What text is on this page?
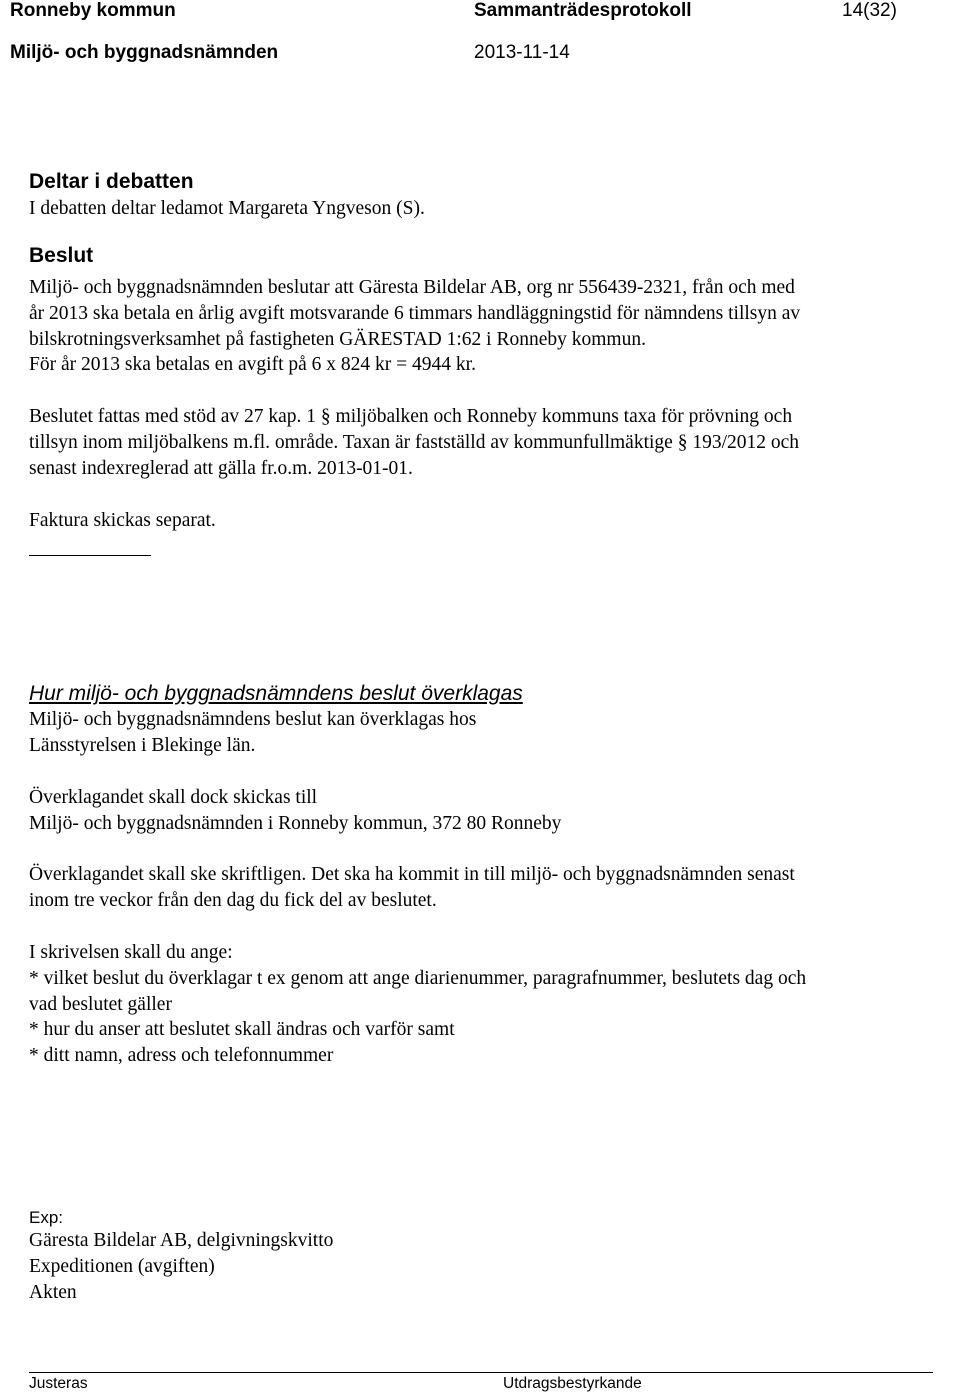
Ronneby kommun	Sammanträdesprotokoll	14(32)
Miljö- och byggnadsnämnden	2013-11-14
Deltar i debatten
I debatten deltar ledamot Margareta Yngveson (S).
Beslut
Miljö- och byggnadsnämnden beslutar att Gäresta Bildelar AB, org nr 556439-2321, från och med
år 2013 ska betala en årlig avgift motsvarande 6 timmars handläggningstid för nämndens tillsyn av
bilskrotningsverksamhet på fastigheten GÄRESTAD 1:62 i Ronneby kommun.
För år 2013 ska betalas en avgift på 6 x 824 kr = 4944 kr.
Beslutet fattas med stöd av 27 kap. 1 § miljöbalken och Ronneby kommuns taxa för prövning och
tillsyn inom miljöbalkens m.fl. område. Taxan är fastställd av kommunfullmäktige § 193/2012 och
senast indexreglerad att gälla fr.o.m. 2013-01-01.
Faktura skickas separat.
Hur miljö- och byggnadsnämndens beslut överklagas
Miljö- och byggnadsnämndens beslut kan överklagas hos
Länsstyrelsen i Blekinge län.
Överklagandet skall dock skickas till
Miljö- och byggnadsnämnden i Ronneby kommun, 372 80 Ronneby
Överklagandet skall ske skriftligen. Det ska ha kommit in till miljö- och byggnadsnämnden senast
inom tre veckor från den dag du fick del av beslutet.
I skrivelsen skall du ange:
* vilket beslut du överklagar t ex genom att ange diarienummer, paragrafnummer, beslutets dag och
vad beslutet gäller
* hur du anser att beslutet skall ändras och varför samt
* ditt namn, adress och telefonnummer
Exp:
Gäresta Bildelar AB, delgivningskvitto
Expeditionen (avgiften)
Akten
Justeras	Utdragsbestyrkande
